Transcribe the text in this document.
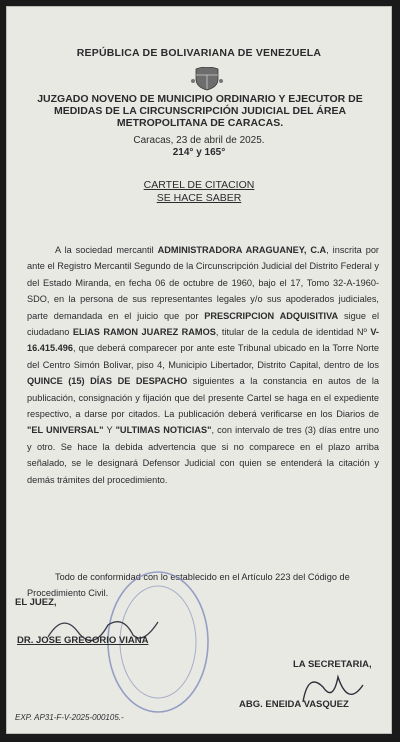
REPÚBLICA DE BOLIVARIANA DE VENEZUELA
JUZGADO NOVENO DE MUNICIPIO ORDINARIO Y EJECUTOR DE
MEDIDAS DE LA CIRCUNSCRIPCIÓN JUDICIAL DEL ÁREA
METROPOLITANA DE CARACAS.
Caracas, 23 de abril de 2025.
214° y 165°
CARTEL DE CITACION
SE HACE SABER

A la sociedad mercantil ADMINISTRADORA ARAGUANEY, C.A, inscrita por ante el Registro Mercantil Segundo de la Circunscripción Judicial del Distrito Federal y del Estado Miranda, en fecha 06 de octubre de 1960, bajo el 17, Tomo 32-A-1960-SDO, en la persona de sus representantes legales y/o sus apoderados judiciales, parte demandada en el juicio que por PRESCRIPCION ADQUISITIVA sigue el ciudadano ELIAS RAMON JUAREZ RAMOS, titular de la cedula de identidad Nº V- 16.415.496, que deberá comparecer por ante este Tribunal ubicado en la Torre Norte del Centro Simón Bolivar, piso 4, Municipio Libertador, Distrito Capital, dentro de los QUINCE (15) DÍAS DE DESPACHO siguientes a la constancia en autos de la publicación, consignación y fijación que del presente Cartel se haga en el expediente respectivo, a darse por citados. La publicación deberá verificarse en los Diarios de "EL UNIVERSAL" Y "ULTIMAS NOTICIAS", con intervalo de tres (3) días entre uno y otro. Se hace la debida advertencia que si no comparece en el plazo arriba señalado, se le designará Defensor Judicial con quien se entenderá la citación y demás trámites del procedimiento.

Todo de conformidad con lo establecido en el Artículo 223 del Código de Procedimiento Civil.

EL JUEZ,
DR. JOSE GREGORIO VIANA
LA SECRETARIA,
ABG. ENEIDA VASQUEZ
EXP. AP31-F-V-2025-000105.-
